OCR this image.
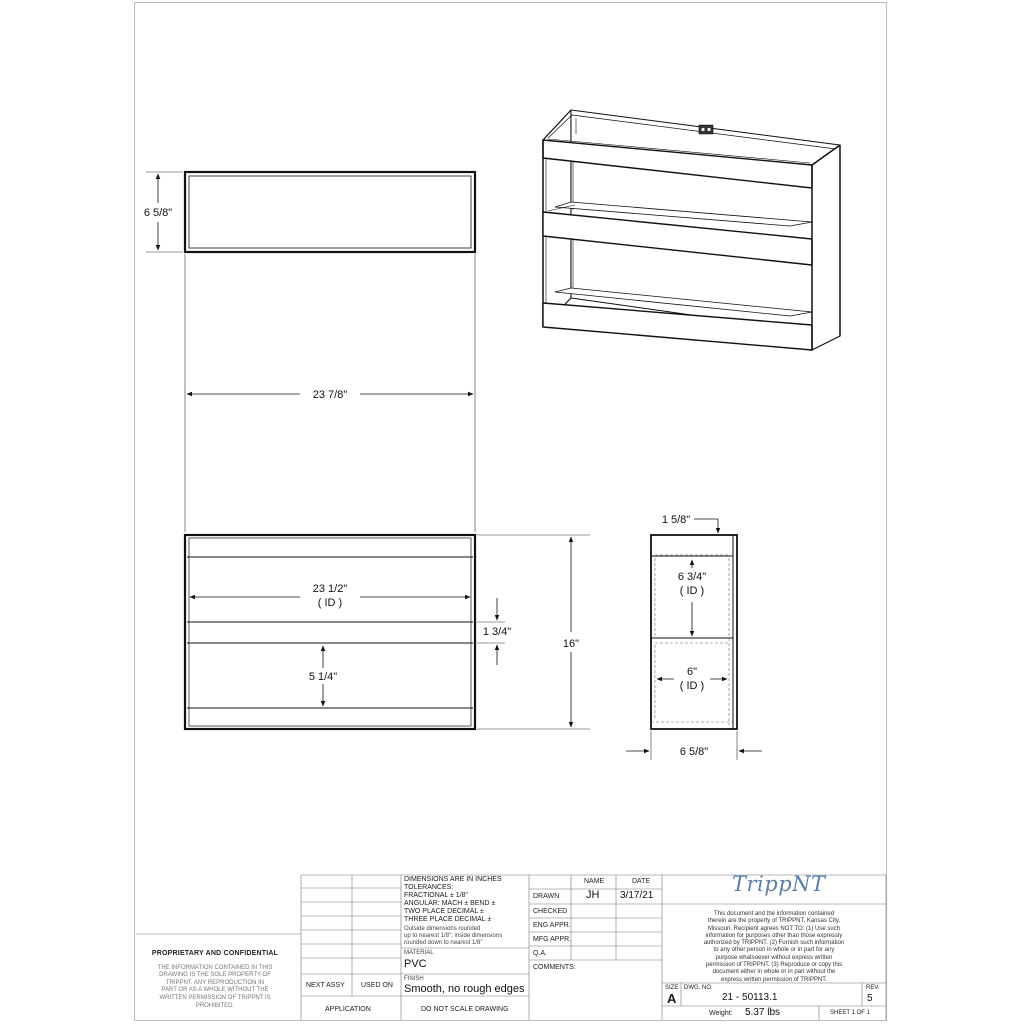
6 5/8"
23 7/8"
23 1/2"
( ID )
5 1/4"
1 3/4"
16"
1 5/8"
6 3/4"
( ID )
6"
( ID )
6 5/8"
DIMENSIONS ARE IN INCHES
TOLERANCES:
FRACTIONAL ± 1/8"
ANGULAR: MACH ± BEND ±
TWO PLACE DECIMAL ±
THREE PLACE DECIMAL ±
Outside dimensions rounded
up to nearest 1/8"; inside dimensions
rounded down to nearest 1/8"
MATERIAL
PVC
FINISH
Smooth, no rough edges
NEXT ASSY USED ON
APPLICATION	DO NOT SCALE DRAWING
NAME	DATE
DRAWN JH 3/17/21
CHECKED
ENG APPR.
MFG APPR.
Q.A.
COMMENTS:
TrippNT
This document and the information contained
therein are the property of TRIPPNT, Kansas City,
Missouri. Recipient agrees NOT TO: (1) Use such
information for purposes other than those expressly
authorized by TRIPPNT. (2) Furnish such information
to any other person in whole or in part for any
purpose whatsoever without express written
permission of TRIPPNT. (3) Reproduce or copy this
document either in whole or in part without the
express written permission of TRIPPNT.
SIZE
A
DWG. NO.
21 - 50113.1
REV.
5
Weight: 5.37 lbs	SHEET 1 OF 1
PROPRIETARY AND CONFIDENTIAL
THE INFORMATION CONTAINED IN THIS
DRAWING IS THE SOLE PROPERTY OF
TRIPPNT. ANY REPRODUCTION IN
PART OR AS A WHOLE WITHOUT THE
WRITTEN PERMISSION OF TRIPPNT IS
PROHIBITED.
